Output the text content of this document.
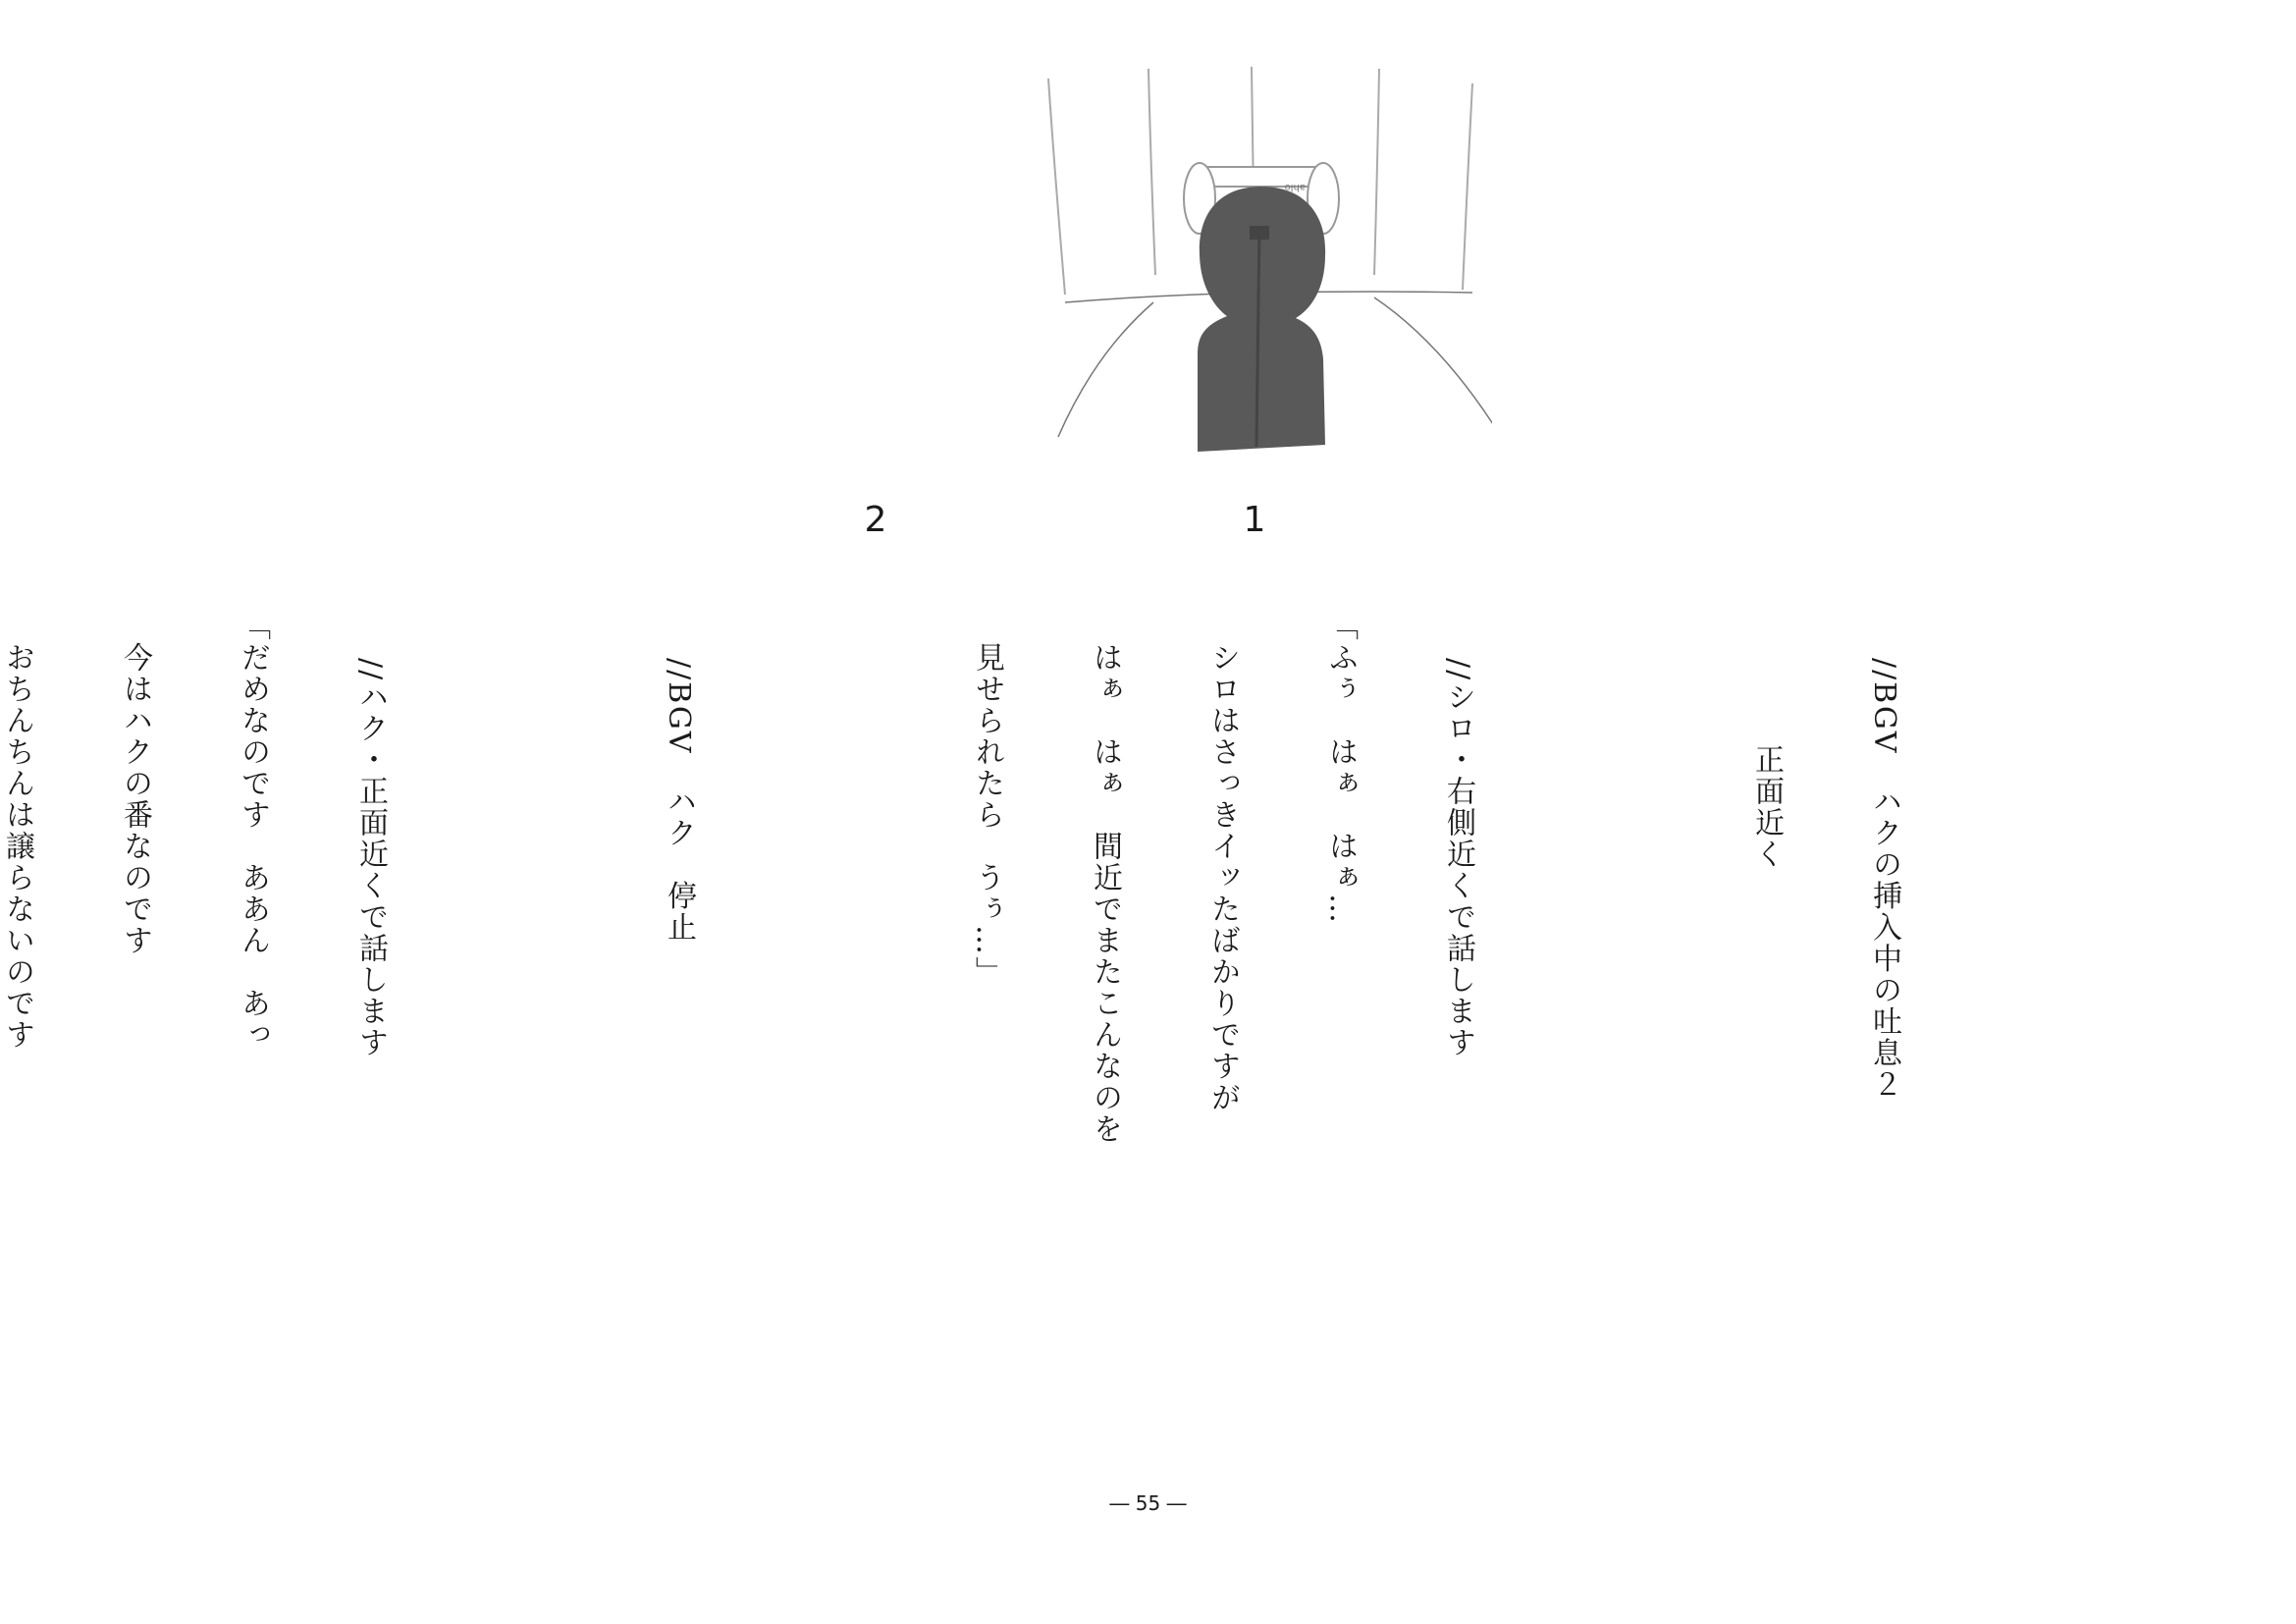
ahlo
1
2

//BGV　ハクの挿入中の吐息２

正面近く

//シロ・右側近くで話します

「ふぅ　はぁ　はぁ…

シロはさっきイッたばかりですが

はぁ　はぁ　間近でまたこんなのを

見せられたら　うぅ…」

//BGV　ハク　停止

//ハク・正面近くで話します

「だめなのです　ああん　あっ

今はハクの番なのです

おちんちんは譲らないのです

― 55 ―
